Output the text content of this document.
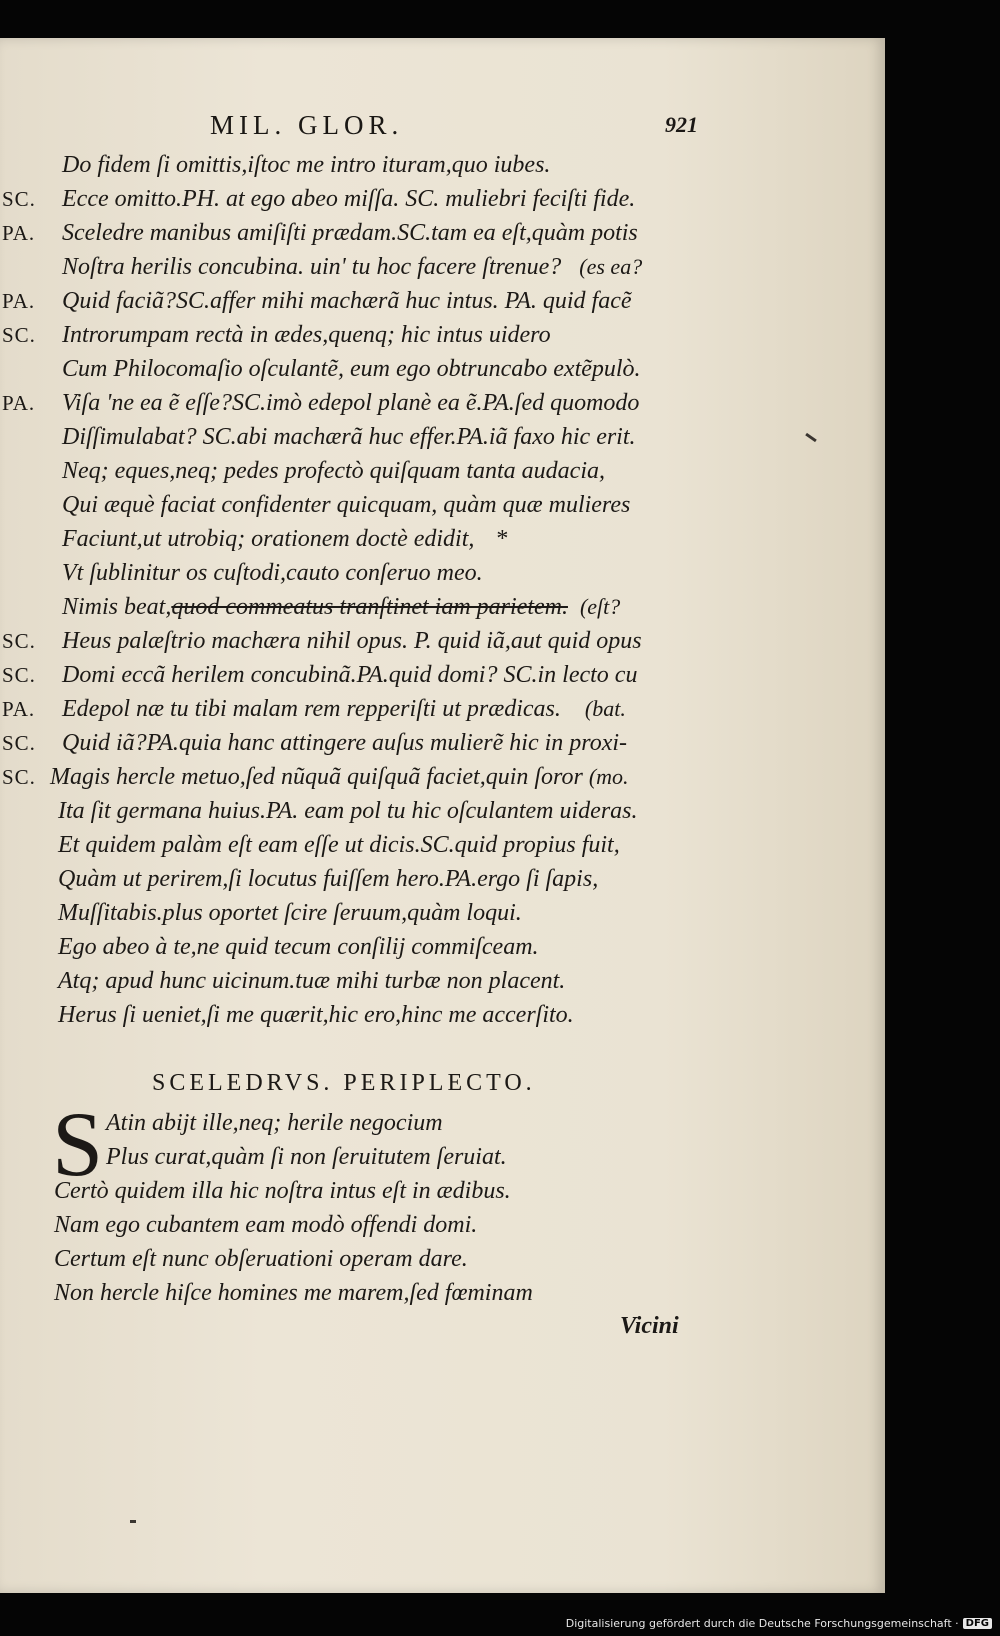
MIL. GLOR.	921
Do fidem ſi omittis,iſtoc me intro ituram,quo iubes.
SC. Ecce omitto.PH. at ego abeo miſſa. SC. muliebri feciſti fide.
PA. Sceledre manibus amiſiſti prædam.SC.tam ea eſt,quàm potis
Noſtra herilis concubina. uin' tu hoc facere ſtrenue? (es ea?
PA. Quid faciã?SC.affer mihi machærã huc intus. PA. quid facẽ
SC. Introrumpam rectà in ædes,quenq; hic intus uidero
Cum Philocomaſio oſculantẽ, eum ego obtruncabo extẽpulò.
PA. Viſa 'ne ea ẽ eſſe?SC.imò edepol planè ea ẽ.PA.ſed quomodo
Diſſimulabat? SC.abi machærã huc effer.PA.iã faxo hic erit.
Neq; eques,neq; pedes profectò quiſquam tanta audacia,
Qui æquè faciat confidenter quicquam, quàm quæ mulieres
Faciunt,ut utrobiq; orationem doctè edidit, *
Vt ſublinitur os cuſtodi,cauto conſeruo meo.
Nimis beat,quod commeatus tranſtinet iam parietem. (eſt?
SC. Heus palæſtrio machæra nihil opus. P. quid iã,aut quid opus
SC. Domi eccã herilem concubinã.PA.quid domi? SC.in lecto cu
PA. Edepol næ tu tibi malam rem repperiſti ut prædicas. (bat.
SC. Quid iã?PA.quia hanc attingere auſus mulierẽ hic in proxi-
SC. Magis hercle metuo,ſed nũquã quiſquã faciet,quin ſoror (mo.
Ita ſit germana huius.PA. eam pol tu hic oſculantem uideras.
Et quidem palàm eſt eam eſſe ut dicis.SC.quid propius fuit,
Quàm ut perirem,ſi locutus fuiſſem hero.PA.ergo ſi ſapis,
Muſſitabis.plus oportet ſcire ſeruum,quàm loqui.
Ego abeo à te,ne quid tecum conſilij commiſceam.
Atq; apud hunc uicinum.tuæ mihi turbæ non placent.
Herus ſi ueniet,ſi me quærit,hic ero,hinc me accerſito.
SCELEDRVS. PERIPLECTO.
S Atin abijt ille,neq; herile negocium
Plus curat,quàm ſi non ſeruitutem ſeruiat.
Certò quidem illa hic noſtra intus eſt in ædibus.
Nam ego cubantem eam modò offendi domi.
Certum eſt nunc obſeruationi operam dare.
Non hercle hiſce homines me marem,ſed fœminam
Vicini
Digitalisierung gefördert durch die Deutsche Forschungsgemeinschaft · DFG
